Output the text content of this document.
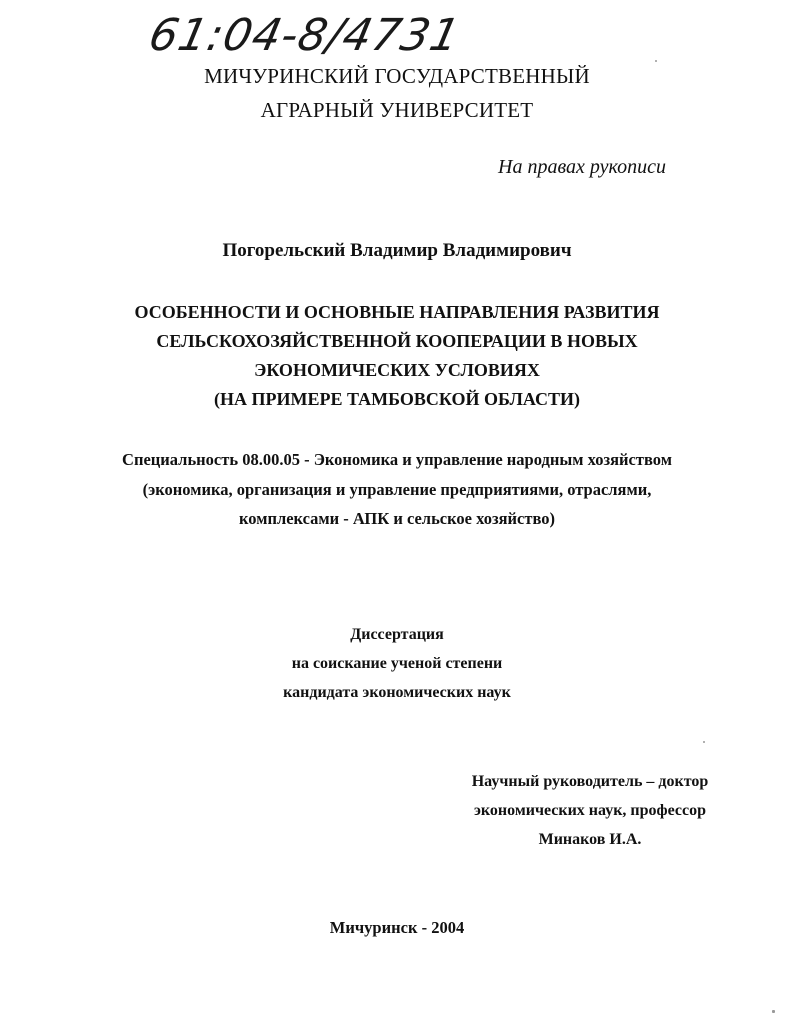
61:04-8/4731
МИЧУРИНСКИЙ ГОСУДАРСТВЕННЫЙ
АГРАРНЫЙ УНИВЕРСИТЕТ
На правах рукописи
Погорельский Владимир Владимирович
ОСОБЕННОСТИ И ОСНОВНЫЕ НАПРАВЛЕНИЯ РАЗВИТИЯ
СЕЛЬСКОХОЗЯЙСТВЕННОЙ КООПЕРАЦИИ В НОВЫХ
ЭКОНОМИЧЕСКИХ УСЛОВИЯХ
(НА ПРИМЕРЕ ТАМБОВСКОЙ ОБЛАСТИ)
Специальность 08.00.05 - Экономика и управление народным хозяйством
(экономика, организация и управление предприятиями, отраслями,
комплексами - АПК и сельское хозяйство)
Диссертация
на соискание ученой степени
кандидата экономических наук
Научный руководитель – доктор
экономических наук, профессор
Минаков И.А.
Мичуринск - 2004
